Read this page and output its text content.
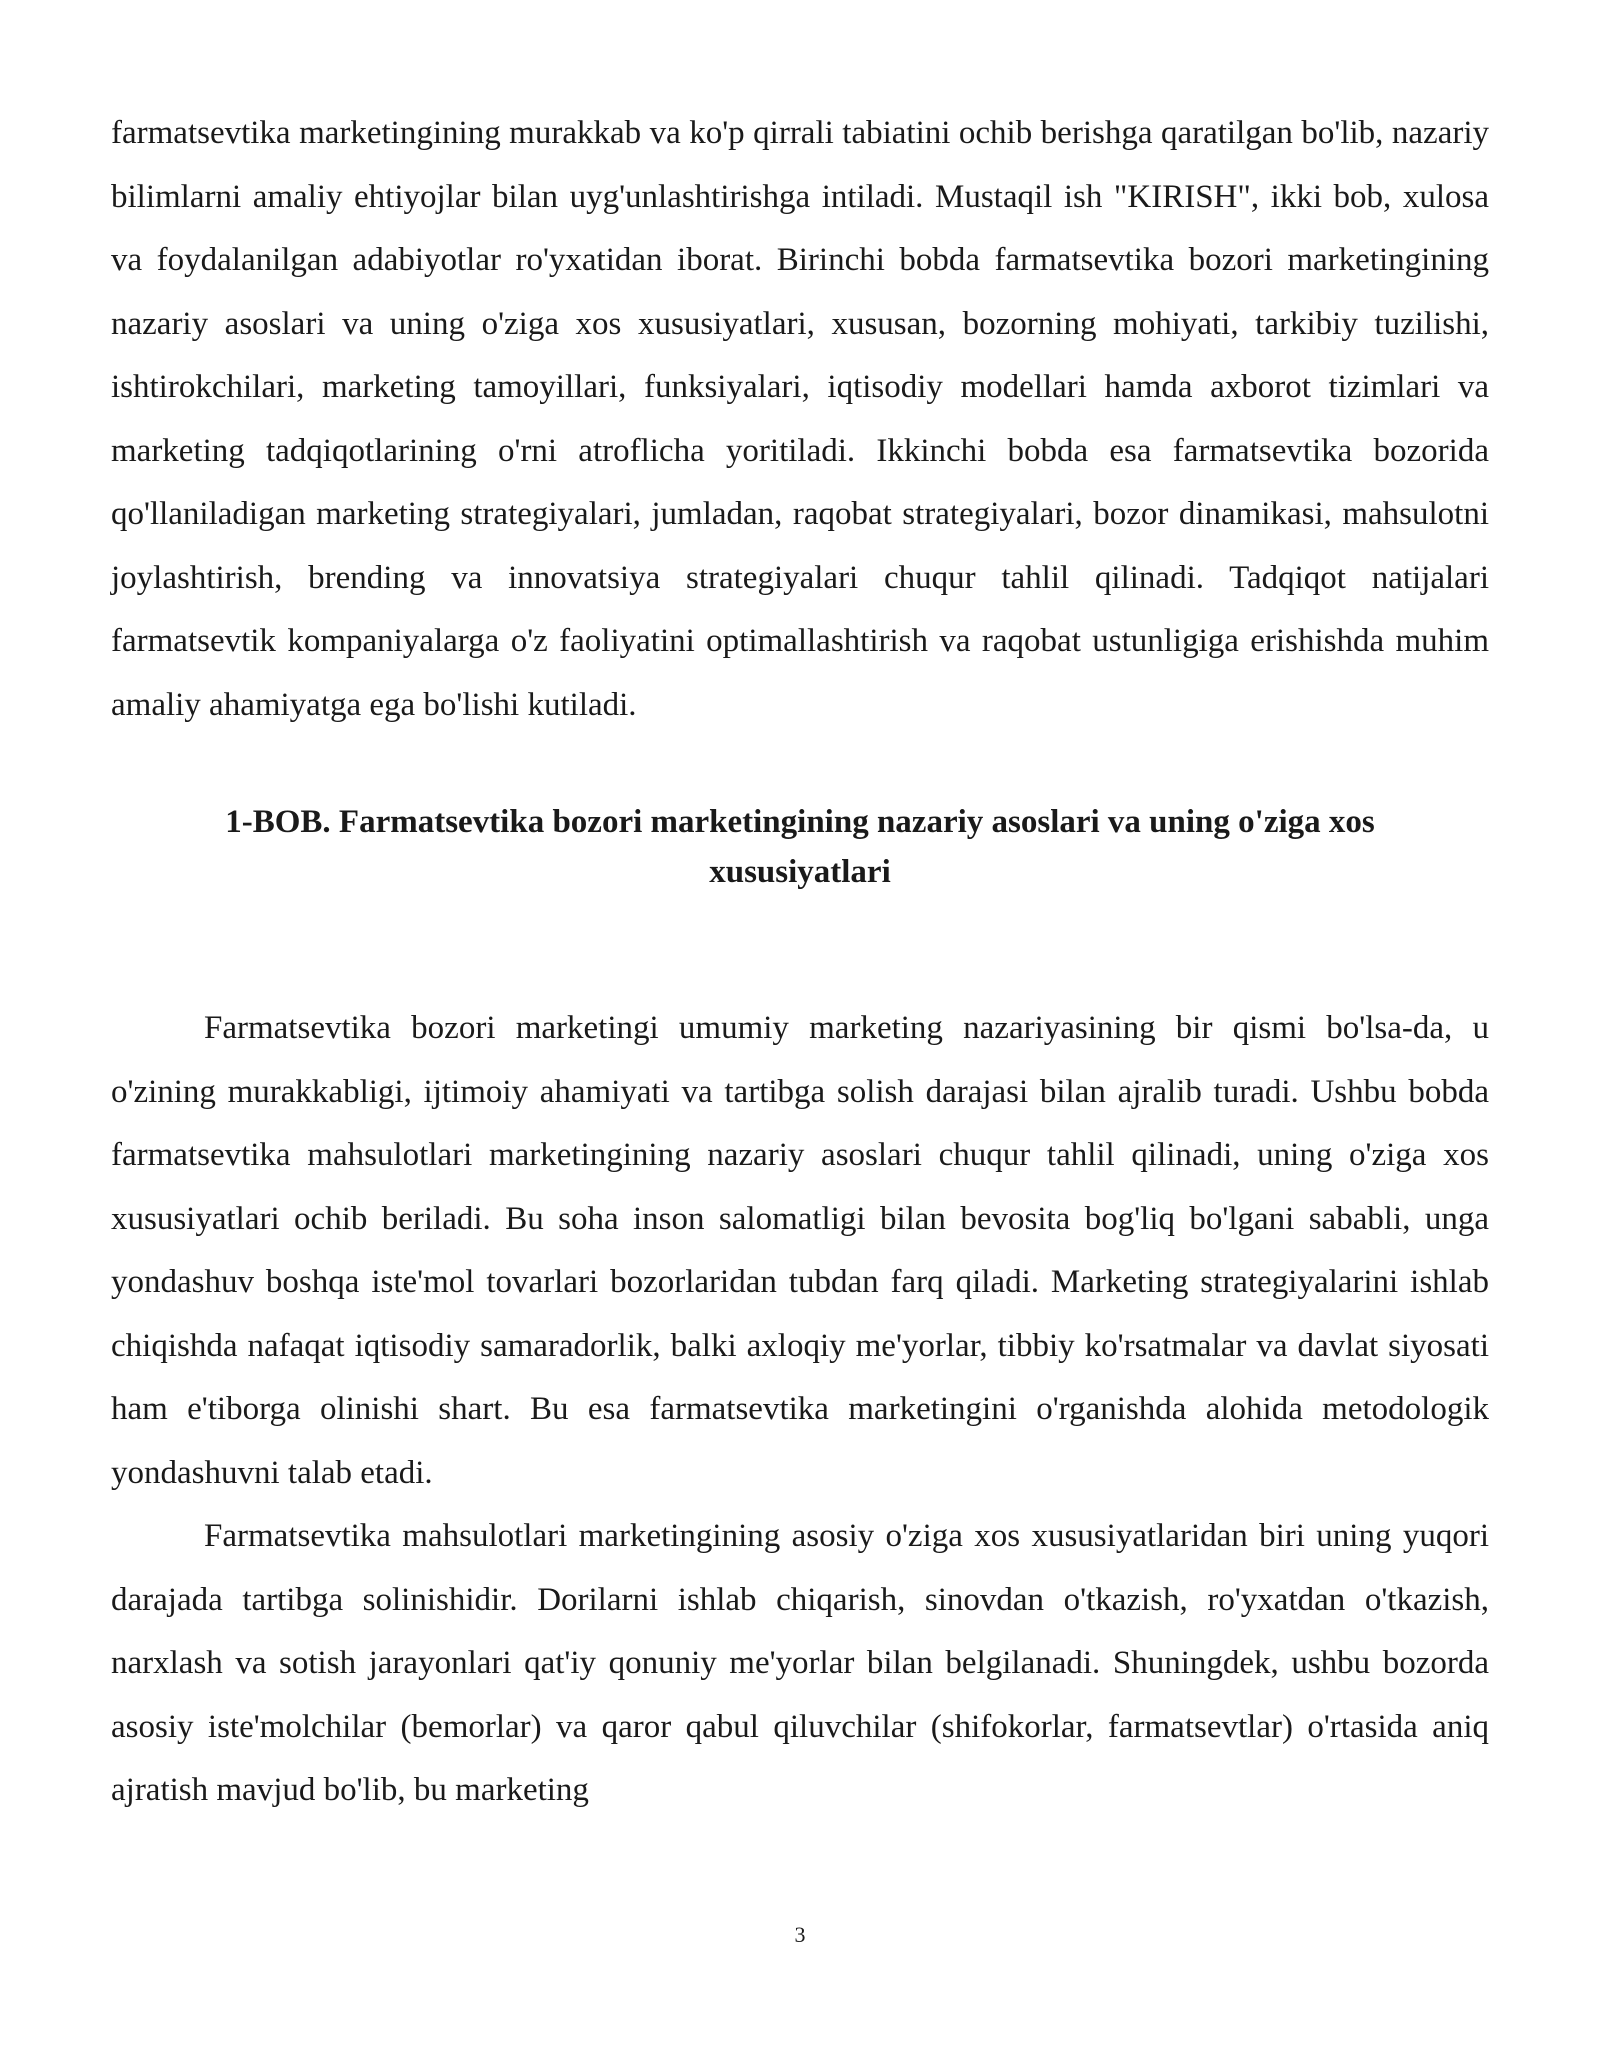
farmatsevtika marketingining murakkab va ko'p qirrali tabiatini ochib berishga qaratilgan bo'lib, nazariy bilimlarni amaliy ehtiyojlar bilan uyg'unlashtirishga intiladi. Mustaqil ish "KIRISH", ikki bob, xulosa va foydalanilgan adabiyotlar ro'yxatidan iborat. Birinchi bobda farmatsevtika bozori marketingining nazariy asoslari va uning o'ziga xos xususiyatlari, xususan, bozorning mohiyati, tarkibiy tuzilishi, ishtirokchilari, marketing tamoyillari, funksiyalari, iqtisodiy modellari hamda axborot tizimlari va marketing tadqiqotlarining o'rni atroflicha yoritiladi. Ikkinchi bobda esa farmatsevtika bozorida qo'llaniladigan marketing strategiyalari, jumladan, raqobat strategiyalari, bozor dinamikasi, mahsulotni joylashtirish, brending va innovatsiya strategiyalari chuqur tahlil qilinadi. Tadqiqot natijalari farmatsevtik kompaniyalarga o'z faoliyatini optimallashtirish va raqobat ustunligiga erishishda muhim amaliy ahamiyatga ega bo'lishi kutiladi.

1-BOB. Farmatsevtika bozori marketingining nazariy asoslari va uning o'ziga xos

xususiyatlari

Farmatsevtika bozori marketingi umumiy marketing nazariyasining bir qismi bo'lsa-da, u o'zining murakkabligi, ijtimoiy ahamiyati va tartibga solish darajasi bilan ajralib turadi. Ushbu bobda farmatsevtika mahsulotlari marketingining nazariy asoslari chuqur tahlil qilinadi, uning o'ziga xos xususiyatlari ochib beriladi. Bu soha inson salomatligi bilan bevosita bog'liq bo'lgani sababli, unga yondashuv boshqa iste'mol tovarlari bozorlaridan tubdan farq qiladi. Marketing strategiyalarini ishlab chiqishda nafaqat iqtisodiy samaradorlik, balki axloqiy me'yorlar, tibbiy ko'rsatmalar va davlat siyosati ham e'tiborga olinishi shart. Bu esa farmatsevtika marketingini o'rganishda alohida metodologik yondashuvni talab etadi.

Farmatsevtika mahsulotlari marketingining asosiy o'ziga xos xususiyatlaridan biri uning yuqori darajada tartibga solinishidir. Dorilarni ishlab chiqarish, sinovdan o'tkazish, ro'yxatdan o'tkazish, narxlash va sotish jarayonlari qat'iy qonuniy me'yorlar bilan belgilanadi. Shuningdek, ushbu bozorda asosiy iste'molchilar (bemorlar) va qaror qabul qiluvchilar (shifokorlar, farmatsevtlar) o'rtasida aniq ajratish mavjud bo'lib, bu marketing

3
